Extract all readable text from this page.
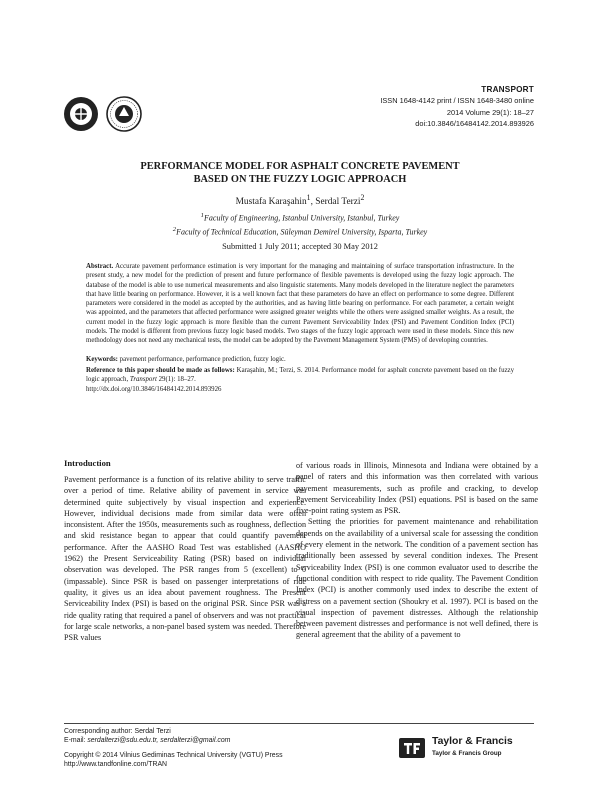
TRANSPORT
ISSN 1648-4142 print / ISSN 1648-3480 online
2014 Volume 29(1): 18–27
doi:10.3846/16484142.2014.893926
PERFORMANCE MODEL FOR ASPHALT CONCRETE PAVEMENT
BASED ON THE FUZZY LOGIC APPROACH
Mustafa Karaşahin$^1$, Serdal Terzi$^2$
$^1$Faculty of Engineering, Istanbul University, Istanbul, Turkey
$^2$Faculty of Technical Education, Süleyman Demirel University, Isparta, Turkey
Submitted 1 July 2011; accepted 30 May 2012
Abstract. Accurate pavement performance estimation is very important for the managing and maintaining of surface transportation infrastructure. In the present study, a new model for the prediction of present and future performance of flexible pavements is developed using the fuzzy logic approach. The database of the model is able to use numerical measurements and also linguistic statements. Many models developed in the literature neglect the parameters that have little bearing on performance. However, it is a well known fact that these parameters do have an effect on performance to some degree. Different parameters were considered in the model as accepted by the authorities, and as having little bearing on performance. For each parameter, a certain weight was appointed, and the parameters that affected performance were assigned greater weights while the others were assigned smaller weights. As a result, the current model in the fuzzy logic approach is more flexible than the current Pavement Serviceability Index (PSI) and Pavement Condition Index (PCI) models. The model is different from previous fuzzy logic based models. Two stages of the fuzzy logic approach were used in these models. Since this new methodology does not need any mechanical tests, the model can be adopted by the Pavement Management System (PMS) of developing countries.
Keywords: pavement performance, performance prediction, fuzzy logic.
Reference to this paper should be made as follows: Karaşahin, M.; Terzi, S. 2014. Performance model for asphalt concrete pavement based on the fuzzy logic approach, Transport 29(1): 18–27.
http://dx.doi.org/10.3846/16484142.2014.893926
Introduction

Pavement performance is a function of its relative ability to serve traffic over a period of time. Relative ability of pavement in service was determined quite subjectively by visual inspection and experience. However, individual decisions made from similar data were often inconsistent. After the 1950s, measurements such as roughness, deflection and skid resistance began to appear that could quantify pavement performance. After the AASHO Road Test was established (AASHO 1962) the Present Serviceability Rating (PSR) based on individual observation was developed. The PSR ranges from 5 (excellent) to 0 (impassable). Since PSR is based on passenger interpretations of ride quality, it gives us an idea about pavement roughness. The Present Serviceability Index (PSI) is based on the original PSR. Since PSR was a ride quality rating that required a panel of observers and was not practical for large scale networks, a non-panel based system was needed. Therefore PSR values

of various roads in Illinois, Minnesota and Indiana were obtained by a panel of raters and this information was then correlated with various pavement measurements, such as profile and cracking, to develop Pavement Serviceability Index (PSI) equations. PSI is based on the same five-point rating system as PSR.

Setting the priorities for pavement maintenance and rehabilitation depends on the availability of a universal scale for assessing the condition of every element in the network. The condition of a pavement section has traditionally been assessed by several condition indexes. The Present Serviceability Index (PSI) is one common evaluator used to describe the functional condition with respect to ride quality. The Pavement Condition Index (PCI) is another commonly used index to describe the extent of distress on a pavement section (Shoukry et al. 1997). PCI is based on the visual inspection of pavement distresses. Although the relationship between pavement distresses and performance is not well defined, there is general agreement that the ability of a pavement to

Corresponding author: Serdal Terzi
E-mail: serdalterzi@sdu.edu.tr, serdalterzi@gmail.com
Copyright © 2014 Vilnius Gediminas Technical University (VGTU) Press
http://www.tandfonline.com/TRAN
Taylor & Francis
Taylor & Francis Group
